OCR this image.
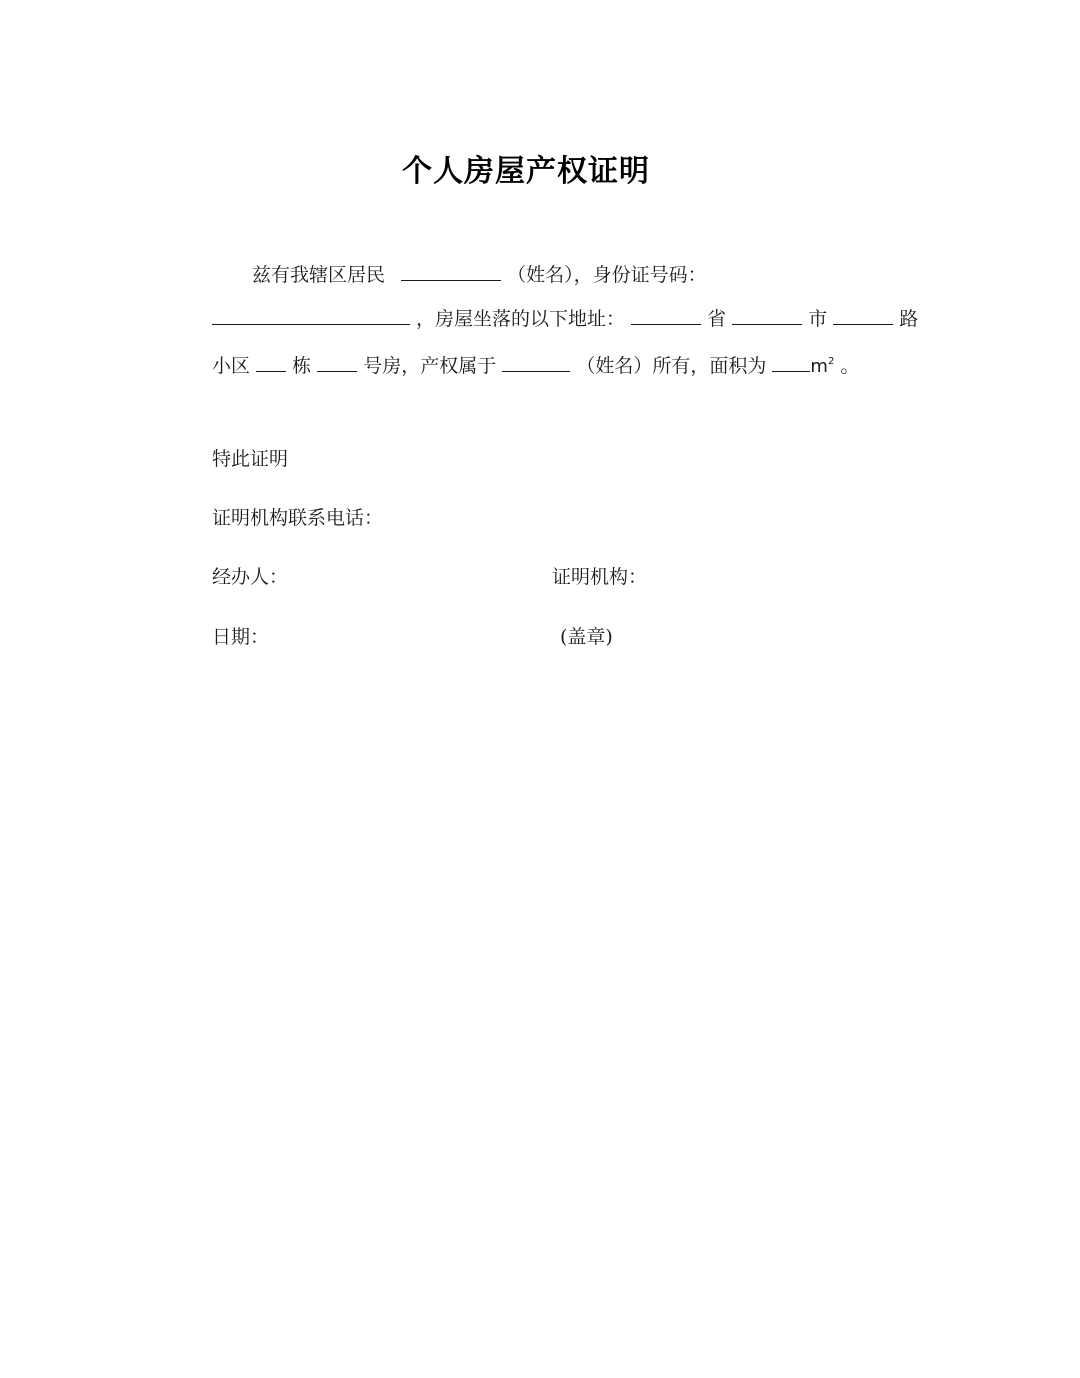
个人房屋产权证明
兹有我辖区居民	（姓名），身份证号码：
，房屋坐落的以下地址：	省	市	路
小区 栋	号房，产权属于	（姓名）所有，面积为 $m^2$ 。
特此证明
证明机构联系电话：
经办人：	证明机构：
日期：	(盖章)
